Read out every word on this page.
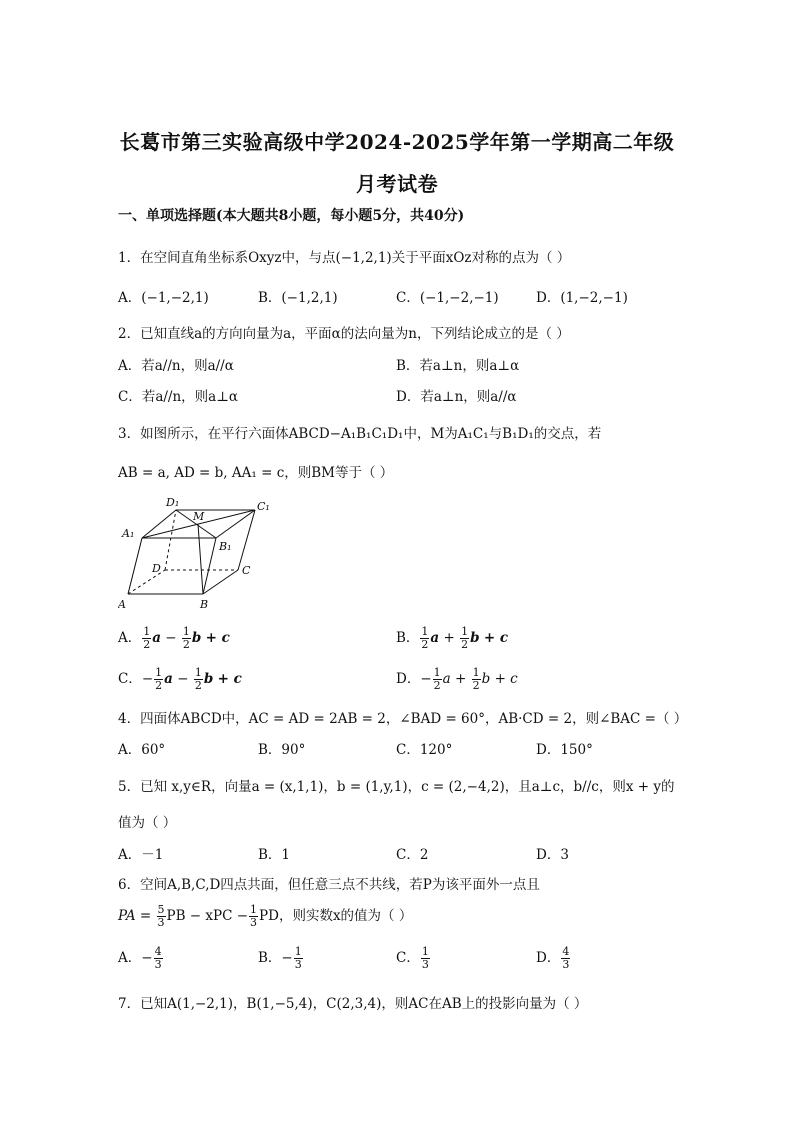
长葛市第三实验高级中学2024-2025学年第一学期高二年级
月考试卷
一、单项选择题(本大题共8小题，每小题5分，共40分)
1．在空间直角坐标系Oxyz中，与点(−1,2,1)关于平面xOz对称的点为（ ）
A．(−1,−2,1)	B．(−1,2,1)	C．(−1,−2,−1)	D．(1,−2,−1)
2．已知直线a的方向向量为a，平面α的法向量为n，下列结论成立的是（ ）
A．若a//n，则a//α	B．若a⊥n，则a⊥α
C．若a//n，则a⊥α	D．若a⊥n，则a//α
3．如图所示，在平行六面体ABCD−A₁B₁C₁D₁中，M为A₁C₁与B₁D₁的交点，若
AB = a, AD = b, AA₁ = c，则BM等于（ ）
A	B
C
D
A₁
B₁
C₁
D₁
M
A． $\frac{1}{2}$ $a - \frac{1}{2}$ b + c	B． $\frac{1}{2}$ $a + \frac{1}{2}$ b + c
C．− $\frac{1}{2}$ $a - \frac{1}{2}$ b + c	D．− $\frac{1}{2}$ $a + \frac{1}{2}$ b + c
4．四面体ABCD中，AC = AD = 2AB = 2，∠BAD = 60°，AB·CD = 2，则∠BAC =（ ）
A．60°	B．90°	C．120°	D．150°
5．已知 x,y∈R，向量a = (x,1,1)，b = (1,y,1)，c = (2,−4,2)，且a⊥c，b//c，则x + y的
值为（ ）
A．－1	B．1	C．2	D．3
6．空间A,B,C,D四点共面，但任意三点不共线，若P为该平面外一点且
PA = $\frac{5}{3}$ PB − xPC − $\frac{1}{3}$ PD，则实数x的值为（ ）
A．− $\frac{4}{3}$	B．− $\frac{1}{3}$	C． $\frac{1}{3}$	D． $\frac{4}{3}$
7．已知A(1,−2,1)，B(1,−5,4)，C(2,3,4)，则AC在AB上的投影向量为（ ）
